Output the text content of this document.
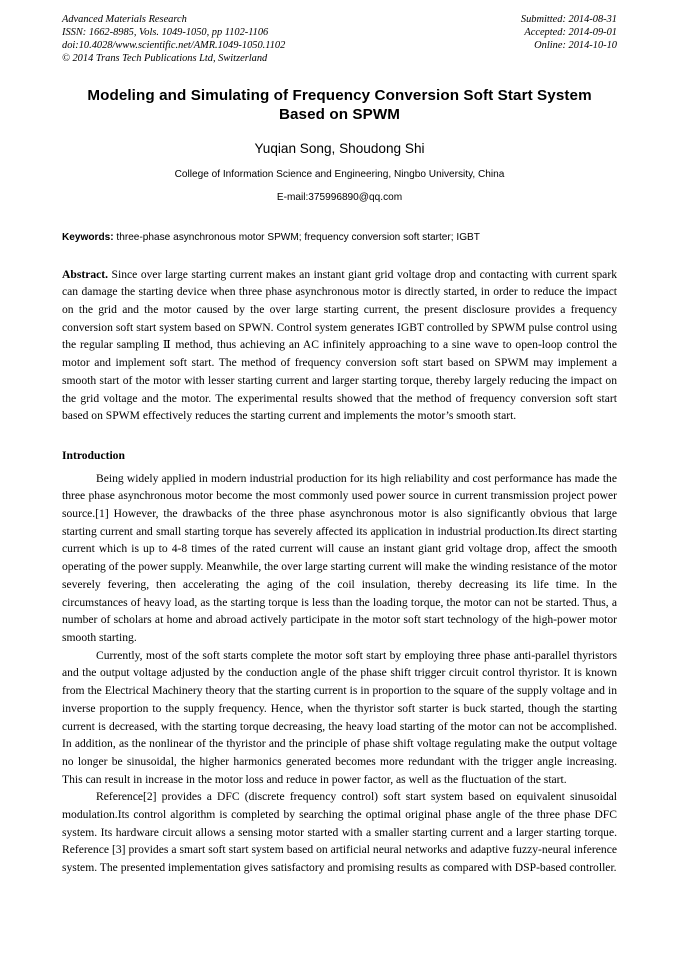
Advanced Materials Research
ISSN: 1662-8985, Vols. 1049-1050, pp 1102-1106
doi:10.4028/www.scientific.net/AMR.1049-1050.1102
© 2014 Trans Tech Publications Ltd, Switzerland
Submitted: 2014-08-31
Accepted: 2014-09-01
Online: 2014-10-10
Modeling and Simulating of Frequency Conversion Soft Start System Based on SPWM
Yuqian Song, Shoudong Shi
College of Information Science and Engineering, Ningbo University, China
E-mail:375996890@qq.com
Keywords: three-phase asynchronous motor SPWM; frequency conversion soft starter; IGBT
Abstract. Since over large starting current makes an instant giant grid voltage drop and contacting with current spark can damage the starting device when three phase asynchronous motor is directly started, in order to reduce the impact on the grid and the motor caused by the over large starting current, the present disclosure provides a frequency conversion soft start system based on SPWN. Control system generates IGBT controlled by SPWM pulse control using the regular sampling Ⅱ method, thus achieving an AC infinitely approaching to a sine wave to open-loop control the motor and implement soft start. The method of frequency conversion soft start based on SPWM may implement a smooth start of the motor with lesser starting current and larger starting torque, thereby largely reducing the impact on the grid voltage and the motor. The experimental results showed that the method of frequency conversion soft start based on SPWM effectively reduces the starting current and implements the motor’s smooth start.
Introduction

Being widely applied in modern industrial production for its high reliability and cost performance has made the three phase asynchronous motor become the most commonly used power source in current transmission project power source.[1] However, the drawbacks of the three phase asynchronous motor is also significantly obvious that large starting current and small starting torque has severely affected its application in industrial production.Its direct starting current which is up to 4-8 times of the rated current will cause an instant giant grid voltage drop, affect the smooth operating of the power supply. Meanwhile, the over large starting current will make the winding resistance of the motor severely fevering, then accelerating the aging of the coil insulation, thereby decreasing its life time. In the circumstances of heavy load, as the starting torque is less than the loading torque, the motor can not be started. Thus, a number of scholars at home and abroad actively participate in the motor soft start technology of the high-power motor smooth starting.

Currently, most of the soft starts complete the motor soft start by employing three phase anti-parallel thyristors and the output voltage adjusted by the conduction angle of the phase shift trigger circuit control thyristor. It is known from the Electrical Machinery theory that the starting current is in proportion to the square of the supply voltage and in inverse proportion to the supply frequency. Hence, when the thyristor soft starter is buck started, though the starting current is decreased, with the starting torque decreasing, the heavy load starting of the motor can not be accomplished. In addition, as the nonlinear of the thyristor and the principle of phase shift voltage regulating make the output voltage no longer be sinusoidal, the higher harmonics generated becomes more redundant with the trigger angle increasing. This can result in increase in the motor loss and reduce in power factor, as well as the fluctuation of the start.

Reference[2] provides a DFC (discrete frequency control) soft start system based on equivalent sinusoidal modulation.Its control algorithm is completed by searching the optimal original phase angle of the three phase DFC system. Its hardware circuit allows a sensing motor started with a smaller starting current and a larger starting torque. Reference [3] provides a smart soft start system based on artificial neural networks and adaptive fuzzy-neural inference system. The presented implementation gives satisfactory and promising results as compared with DSP-based controller.
